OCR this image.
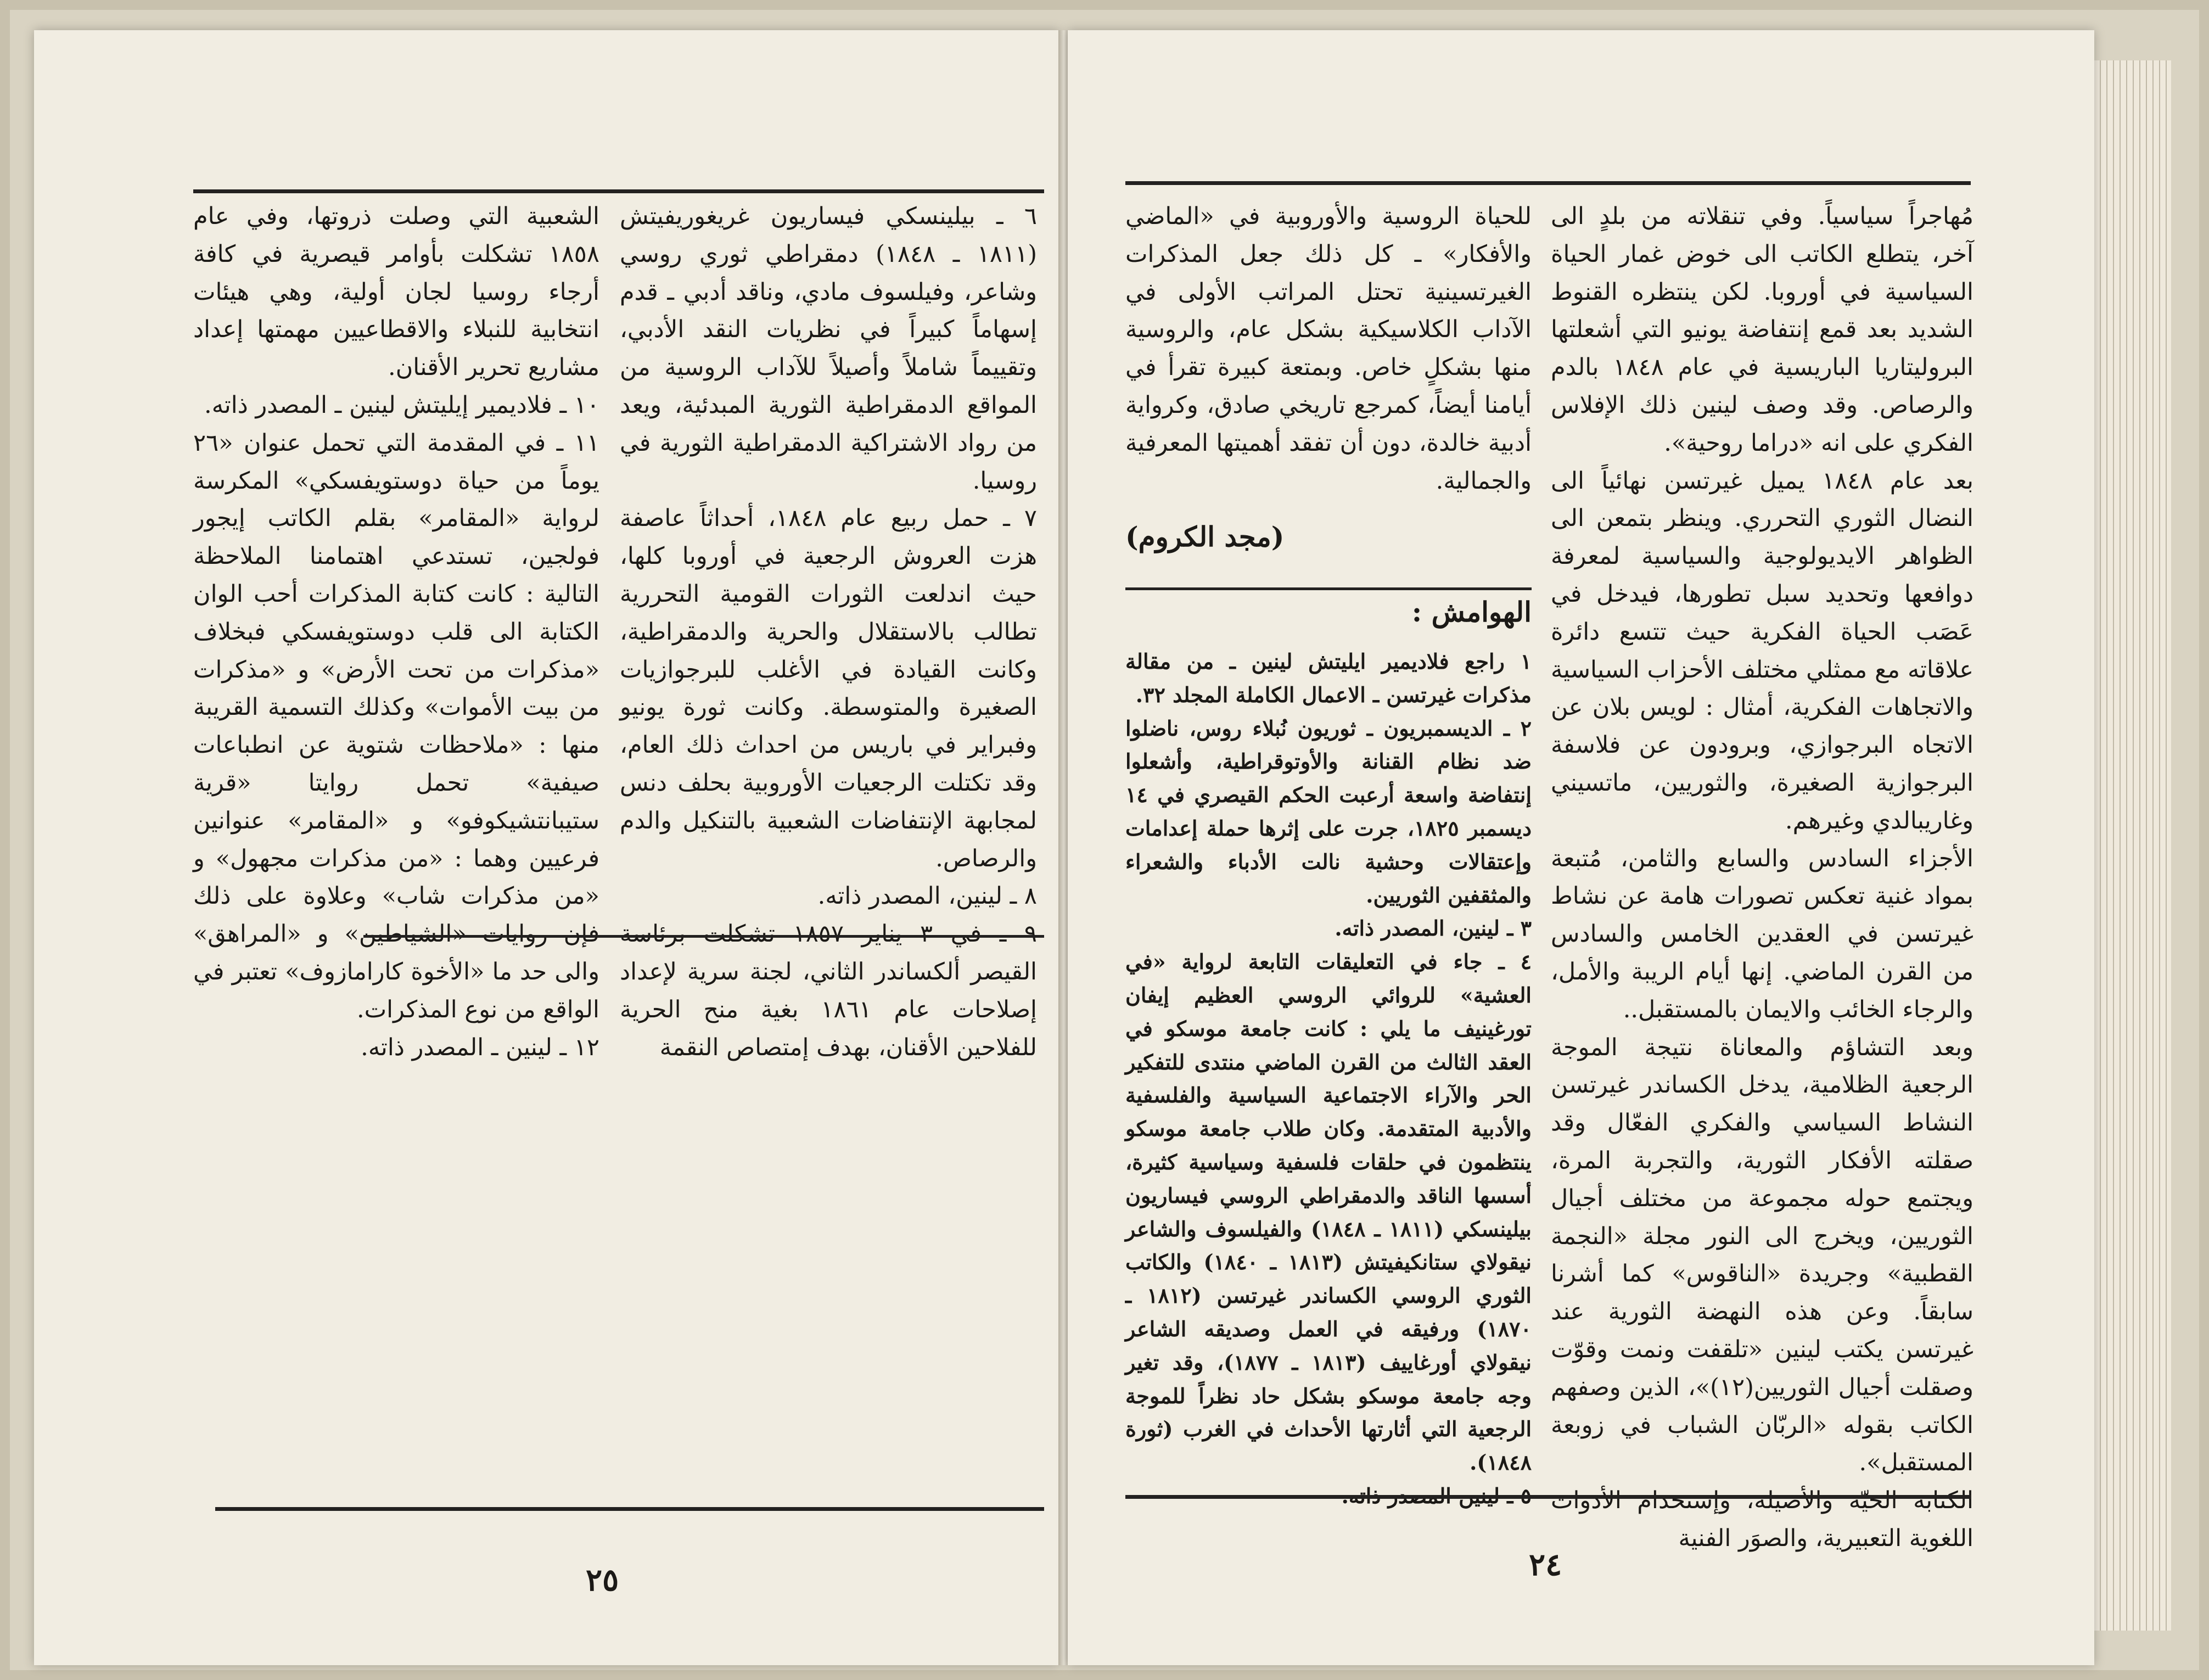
٦ ـ بيلينسكي فيساريون غريغوريفيتش (١٨١١ ـ ١٨٤٨) دمقراطي ثوري روسي وشاعر، وفيلسوف مادي، وناقد أدبي ـ قدم إسهاماً كبيراً في نظريات النقد الأدبي، وتقييماً شاملاً وأصيلاً للآداب الروسية من المواقع الدمقراطية الثورية المبدئية، ويعد من رواد الاشتراكية الدمقراطية الثورية في روسيا.

٧ ـ حمل ربيع عام ١٨٤٨، أحداثاً عاصفة هزت العروش الرجعية في أوروبا كلها، حيث اندلعت الثورات القومية التحررية تطالب بالاستقلال والحرية والدمقراطية، وكانت القيادة في الأغلب للبرجوازيات الصغيرة والمتوسطة. وكانت ثورة يونيو وفبراير في باريس من احداث ذلك العام، وقد تكتلت الرجعيات الأوروبية بحلف دنس لمجابهة الإنتفاضات الشعبية بالتنكيل والدم والرصاص.

٨ ـ لينين، المصدر ذاته.

٩ ـ في ٣ يناير ١٨٥٧ تشكلت برئاسة القيصر ألكساندر الثاني، لجنة سرية لإعداد إصلاحات عام ١٨٦١ بغية منح الحرية للفلاحين الأقنان، بهدف إمتصاص النقمة

الشعبية التي وصلت ذروتها، وفي عام ١٨٥٨ تشكلت بأوامر قيصرية في كافة أرجاء روسيا لجان أولية، وهي هيئات انتخابية للنبلاء والاقطاعيين مهمتها إعداد مشاريع تحرير الأقنان.

١٠ ـ فلاديمير إيليتش لينين ـ المصدر ذاته.

١١ ـ في المقدمة التي تحمل عنوان «٢٦ يوماً من حياة دوستويفسكي» المكرسة لرواية «المقامر» بقلم الكاتب إيجور فولجين، تستدعي اهتمامنا الملاحظة التالية : كانت كتابة المذكرات أحب الوان الكتابة الى قلب دوستويفسكي فبخلاف «مذكرات من تحت الأرض» و «مذكرات من بيت الأموات» وكذلك التسمية القريبة منها : «ملاحظات شتوية عن انطباعات صيفية» تحمل روايتا «قرية ستيبانتشيكوفو» و «المقامر» عنوانين فرعيين وهما : «من مذكرات مجهول» و «من مذكرات شاب» وعلاوة على ذلك فإن روايات «الشياطين» و «المراهق» والى حد ما «الأخوة كارامازوف» تعتبر في الواقع من نوع المذكرات.

١٢ ـ لينين ـ المصدر ذاته.

٢٥

مُهاجراً سياسياً. وفي تنقلاته من بلدٍ الى آخر، يتطلع الكاتب الى خوض غمار الحياة السياسية في أوروبا. لكن ينتظره القنوط الشديد بعد قمع إنتفاضة يونيو التي أشعلتها البروليتاريا الباريسية في عام ١٨٤٨ بالدم والرصاص. وقد وصف لينين ذلك الإفلاس الفكري على انه «دراما روحية».

بعد عام ١٨٤٨ يميل غيرتسن نهائياً الى النضال الثوري التحرري. وينظر بتمعن الى الظواهر الايديولوجية والسياسية لمعرفة دوافعها وتحديد سبل تطورها، فيدخل في عَصَب الحياة الفكرية حيث تتسع دائرة علاقاته مع ممثلي مختلف الأحزاب السياسية والاتجاهات الفكرية، أمثال : لويس بلان عن الاتجاه البرجوازي، وبرودون عن فلاسفة البرجوازية الصغيرة، والثوريين، ماتسيني وغاريبالدي وغيرهم.

الأجزاء السادس والسابع والثامن، مُتبعة بمواد غنية تعكس تصورات هامة عن نشاط غيرتسن في العقدين الخامس والسادس من القرن الماضي. إنها أيام الريبة والأمل، والرجاء الخائب والايمان بالمستقبل..

وبعد التشاؤم والمعاناة نتيجة الموجة الرجعية الظلامية، يدخل الكساندر غيرتسن النشاط السياسي والفكري الفعّال وقد صقلته الأفكار الثورية، والتجربة المرة، ويجتمع حوله مجموعة من مختلف أجيال الثوريين، ويخرج الى النور مجلة «النجمة القطبية» وجريدة «الناقوس» كما أشرنا سابقاً. وعن هذه النهضة الثورية عند غيرتسن يكتب لينين «تلقفت ونمت وقوّت وصقلت أجيال الثوريين(١٢)»، الذين وصفهم الكاتب بقوله «الربّان الشباب في زوبعة المستقبل».

الكتابة الحيّة والأصيلة، وإستخدام الأدوات اللغوية التعبيرية، والصوَر الفنية

للحياة الروسية والأوروبية في «الماضي والأفكار» ـ كل ذلك جعل المذكرات الغيرتسينية تحتل المراتب الأولى في الآداب الكلاسيكية بشكل عام، والروسية منها بشكلٍ خاص. وبمتعة كبيرة تقرأ في أيامنا أيضاً، كمرجع تاريخي صادق، وكرواية أدبية خالدة، دون أن تفقد أهميتها المعرفية والجمالية.

(مجد الكروم)
الهوامش :

١ راجع فلاديمير ايليتش لينين ـ من مقالة مذكرات غيرتسن ـ الاعمال الكاملة المجلد ٣٢.

٢ ـ الديسمبريون ـ ثوريون نُبلاء روس، ناضلوا ضد نظام القنانة والأوتوقراطية، وأشعلوا إنتفاضة واسعة أرعبت الحكم القيصري في ١٤ ديسمبر ١٨٢٥، جرت على إثرها حملة إعدامات وإعتقالات وحشية نالت الأدباء والشعراء والمثقفين الثوريين.

٣ ـ لينين، المصدر ذاته.

٤ ـ جاء في التعليقات التابعة لرواية «في العشية» للروائي الروسي العظيم إيفان تورغينيف ما يلي : كانت جامعة موسكو في العقد الثالث من القرن الماضي منتدى للتفكير الحر والآراء الاجتماعية السياسية والفلسفية والأدبية المتقدمة. وكان طلاب جامعة موسكو ينتظمون في حلقات فلسفية وسياسية كثيرة، أسسها الناقد والدمقراطي الروسي فيساريون بيلينسكي (١٨١١ ـ ١٨٤٨) والفيلسوف والشاعر نيقولاي ستانكيفيتش (١٨١٣ ـ ١٨٤٠) والكاتب الثوري الروسي الكساندر غيرتسن (١٨١٢ ـ ١٨٧٠) ورفيقه في العمل وصديقه الشاعر نيقولاي أورغاييف (١٨١٣ ـ ١٨٧٧)، وقد تغير وجه جامعة موسكو بشكل حاد نظراً للموجة الرجعية التي أثارتها الأحداث في الغرب (ثورة ١٨٤٨).

٥ ـ لينين المصدر ذاته.

٢٤
